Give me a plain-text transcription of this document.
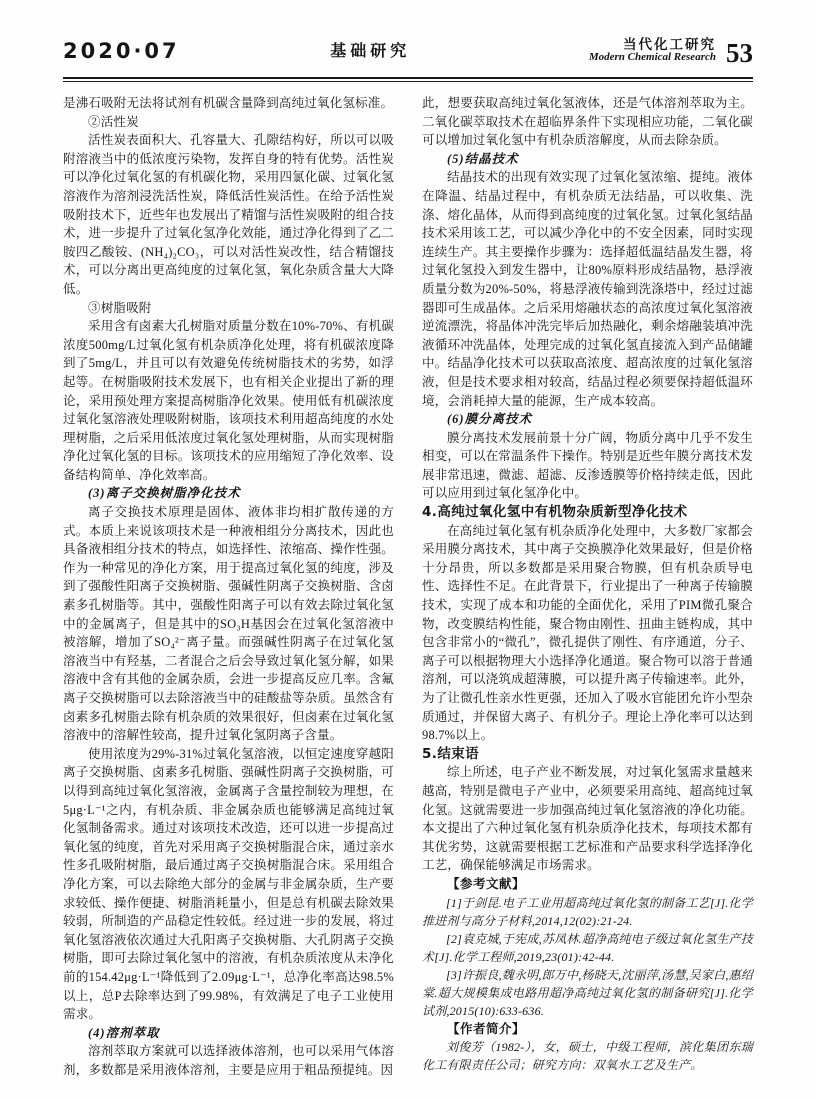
2020·07	基础研究	当代化工研究
Modern Chemical Research 53

是沸石吸附无法将试剂有机碳含量降到高纯过氧化氢标准。

②活性炭

活性炭表面积大、孔容量大、孔隙结构好，所以可以吸附溶液当中的低浓度污染物，发挥自身的特有优势。活性炭可以净化过氧化氢的有机碳化物，采用四氯化碳、过氧化氢溶液作为溶剂浸洗活性炭，降低活性炭活性。在给予活性炭吸附技术下，近些年也发展出了精馏与活性炭吸附的组合技术，进一步提升了过氧化氢净化效能，通过净化得到了乙二胺四乙酸铵、(NH₄)₂CO₃，可以对活性炭改性，结合精馏技术，可以分离出更高纯度的过氧化氢，氧化杂质含量大大降低。

③树脂吸附

采用含有卤素大孔树脂对质量分数在10%-70%、有机碳浓度500mg/L过氧化氢有机杂质净化处理，将有机碳浓度降到了5mg/L，并且可以有效避免传统树脂技术的劣势，如浮起等。在树脂吸附技术发展下，也有相关企业提出了新的理论，采用预处理方案提高树脂净化效果。使用低有机碳浓度过氧化氢溶液处理吸附树脂，该项技术利用超高纯度的水处理树脂，之后采用低浓度过氧化氢处理树脂，从而实现树脂净化过氧化氢的目标。该项技术的应用缩短了净化效率、设备结构简单、净化效率高。

(3)离子交换树脂净化技术

离子交换技术原理是固体、液体非均相扩散传递的方式。本质上来说该项技术是一种液相组分分离技术，因此也具备液相组分技术的特点，如选择性、浓缩高、操作性强。作为一种常见的净化方案，用于提高过氧化氢的纯度，涉及到了强酸性阳离子交换树脂、强碱性阴离子交换树脂、含卤素多孔树脂等。其中，强酸性阳离子可以有效去除过氧化氢中的金属离子，但是其中的SO₃H基因会在过氧化氢溶液中被溶解，增加了SO₄²⁻离子量。而强碱性阴离子在过氧化氢溶液当中有羟基，二者混合之后会导致过氧化氢分解，如果溶液中含有其他的金属杂质，会进一步提高反应几率。含氟离子交换树脂可以去除溶液当中的硅酸盐等杂质。虽然含有卤素多孔树脂去除有机杂质的效果很好，但卤素在过氧化氢溶液中的溶解性较高，提升过氧化氢阴离子含量。

使用浓度为29%-31%过氧化氢溶液，以恒定速度穿越阳离子交换树脂、卤素多孔树脂、强碱性阴离子交换树脂，可以得到高纯过氧化氢溶液，金属离子含量控制较为理想，在5μg·L⁻¹之内，有机杂质、非金属杂质也能够满足高纯过氧化氢制备需求。通过对该项技术改造，还可以进一步提高过氧化氢的纯度，首先对采用离子交换树脂混合床，通过亲水性多孔吸附树脂，最后通过离子交换树脂混合床。采用组合净化方案，可以去除绝大部分的金属与非金属杂质，生产要求较低、操作便捷、树脂消耗量小，但是总有机碳去除效果较弱，所制造的产品稳定性较低。经过进一步的发展，将过氧化氢溶液依次通过大孔阳离子交换树脂、大孔阴离子交换树脂，即可去除过氧化氢中的溶液，有机杂质浓度从未净化前的154.42μg·L⁻¹降低到了2.09μg·L⁻¹，总净化率高达98.5%以上，总P去除率达到了99.98%，有效满足了电子工业使用需求。

(4)溶剂萃取

溶剂萃取方案就可以选择液体溶剂，也可以采用气体溶剂，多数都是采用液体溶剂，主要是应用于粗品预提纯。因

此，想要获取高纯过氧化氢液体，还是气体溶剂萃取为主。二氧化碳萃取技术在超临界条件下实现相应功能，二氧化碳可以增加过氧化氢中有机杂质溶解度，从而去除杂质。

(5)结晶技术

结晶技术的出现有效实现了过氧化氢浓缩、提纯。液体在降温、结晶过程中，有机杂质无法结晶，可以收集、洗涤、熔化晶体，从而得到高纯度的过氧化氢。过氧化氢结晶技术采用该工艺，可以减少净化中的不安全因素，同时实现连续生产。其主要操作步骤为：选择超低温结晶发生器，将过氧化氢投入到发生器中，让80%原料形成结晶物，悬浮液质量分数为20%-50%，将悬浮液传输到洗涤塔中，经过过滤器即可生成晶体。之后采用熔融状态的高浓度过氧化氢溶液逆流漂洗，将晶体冲洗完毕后加热融化，剩余熔融装填冲洗液循环冲洗晶体，处理完成的过氧化氢直接流入到产品储罐中。结晶净化技术可以获取高浓度、超高浓度的过氧化氢溶液，但是技术要求相对较高，结晶过程必须要保持超低温环境，会消耗掉大量的能源，生产成本较高。

(6)膜分离技术

膜分离技术发展前景十分广阔，物质分离中几乎不发生相变，可以在常温条件下操作。特别是近些年膜分离技术发展非常迅速，微滤、超滤、反渗透膜等价格持续走低，因此可以应用到过氧化氢净化中。

4.高纯过氧化氢中有机物杂质新型净化技术

在高纯过氧化氢有机杂质净化处理中，大多数厂家都会采用膜分离技术，其中离子交换膜净化效果最好，但是价格十分昂贵，所以多数都是采用聚合物膜，但有机杂质导电性、选择性不足。在此背景下，行业提出了一种离子传输膜技术，实现了成本和功能的全面优化，采用了PIM微孔聚合物，改变膜结构性能，聚合物由刚性、扭曲主链构成，其中包含非常小的“微孔”，微孔提供了刚性、有序通道，分子、离子可以根据物理大小选择净化通道。聚合物可以溶于普通溶剂，可以浇筑成超薄膜，可以提升离子传输速率。此外，为了让微孔性亲水性更强，还加入了吸水官能团允许小型杂质通过，并保留大离子、有机分子。理论上净化率可以达到98.7%以上。

5.结束语

综上所述，电子产业不断发展，对过氧化氢需求量越来越高，特别是微电子产业中，必须要采用高纯、超高纯过氧化氢。这就需要进一步加强高纯过氧化氢溶液的净化功能。本文提出了六种过氧化氢有机杂质净化技术，每项技术都有其优劣势，这就需要根据工艺标准和产品要求科学选择净化工艺，确保能够满足市场需求。

【参考文献】

[1]于剑昆.电子工业用超高纯过氧化氢的制备工艺[J].化学推进剂与高分子材料,2014,12(02):21-24.

[2]袁克城,于宪成,苏凤林.超净高纯电子级过氧化氢生产技术[J].化学工程师,2019,23(01):42-44.

[3]许振良,魏永明,郎万中,杨晓天,沈丽萍,汤慧,吴家白,惠绍棠.超大规模集成电路用超净高纯过氧化氢的制备研究[J].化学试剂,2015(10):633-636.

【作者简介】

刘俊芳（1982-），女，硕士，中级工程师，滨化集团东瑞化工有限责任公司；研究方向：双氧水工艺及生产。
